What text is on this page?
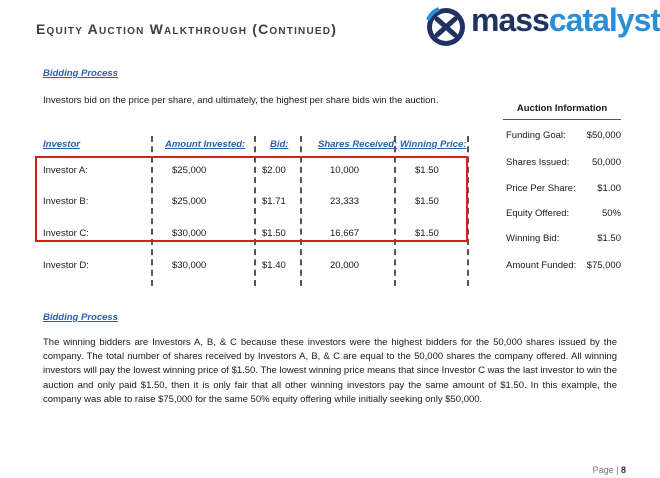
Equity Auction Walkthrough (Continued)	masscatalyst
Bidding Process
Investors bid on the price per share, and ultimately, the highest per share bids win the auction.
Auction Information
Funding Goal: $50,000
Shares Issued: 50,000
Price Per Share: $1.00
Equity Offered:	50%
Winning Bid:	$1.50
Amount Funded: $75,000
Investor	Amount Invested:	Bid:	Shares Received: Winning Price:
Investor A:	$25,000	$2.00	10,000	$1.50
Investor B:	$25,000	$1.71	23,333	$1.50
Investor C:	$30,000	$1.50	16,667	$1.50
Investor D:	$30,000	$1.40	20,000
Bidding Process
The winning bidders are Investors A, B, & C because these investors were the highest bidders for the 50,000 shares issued by the company. The total number of shares received by Investors A, B, & C are equal to the 50,000 shares the company offered. All winning investors will pay the lowest winning price of $1.50. The lowest winning price means that since Investor C was the last investor to win the auction and only paid $1.50, then it is only fair that all other winning investors pay the same amount of $1.50. In this example, the company was able to raise $75,000 for the same 50% equity offering while initially seeking only $50,000.
Page | 8
